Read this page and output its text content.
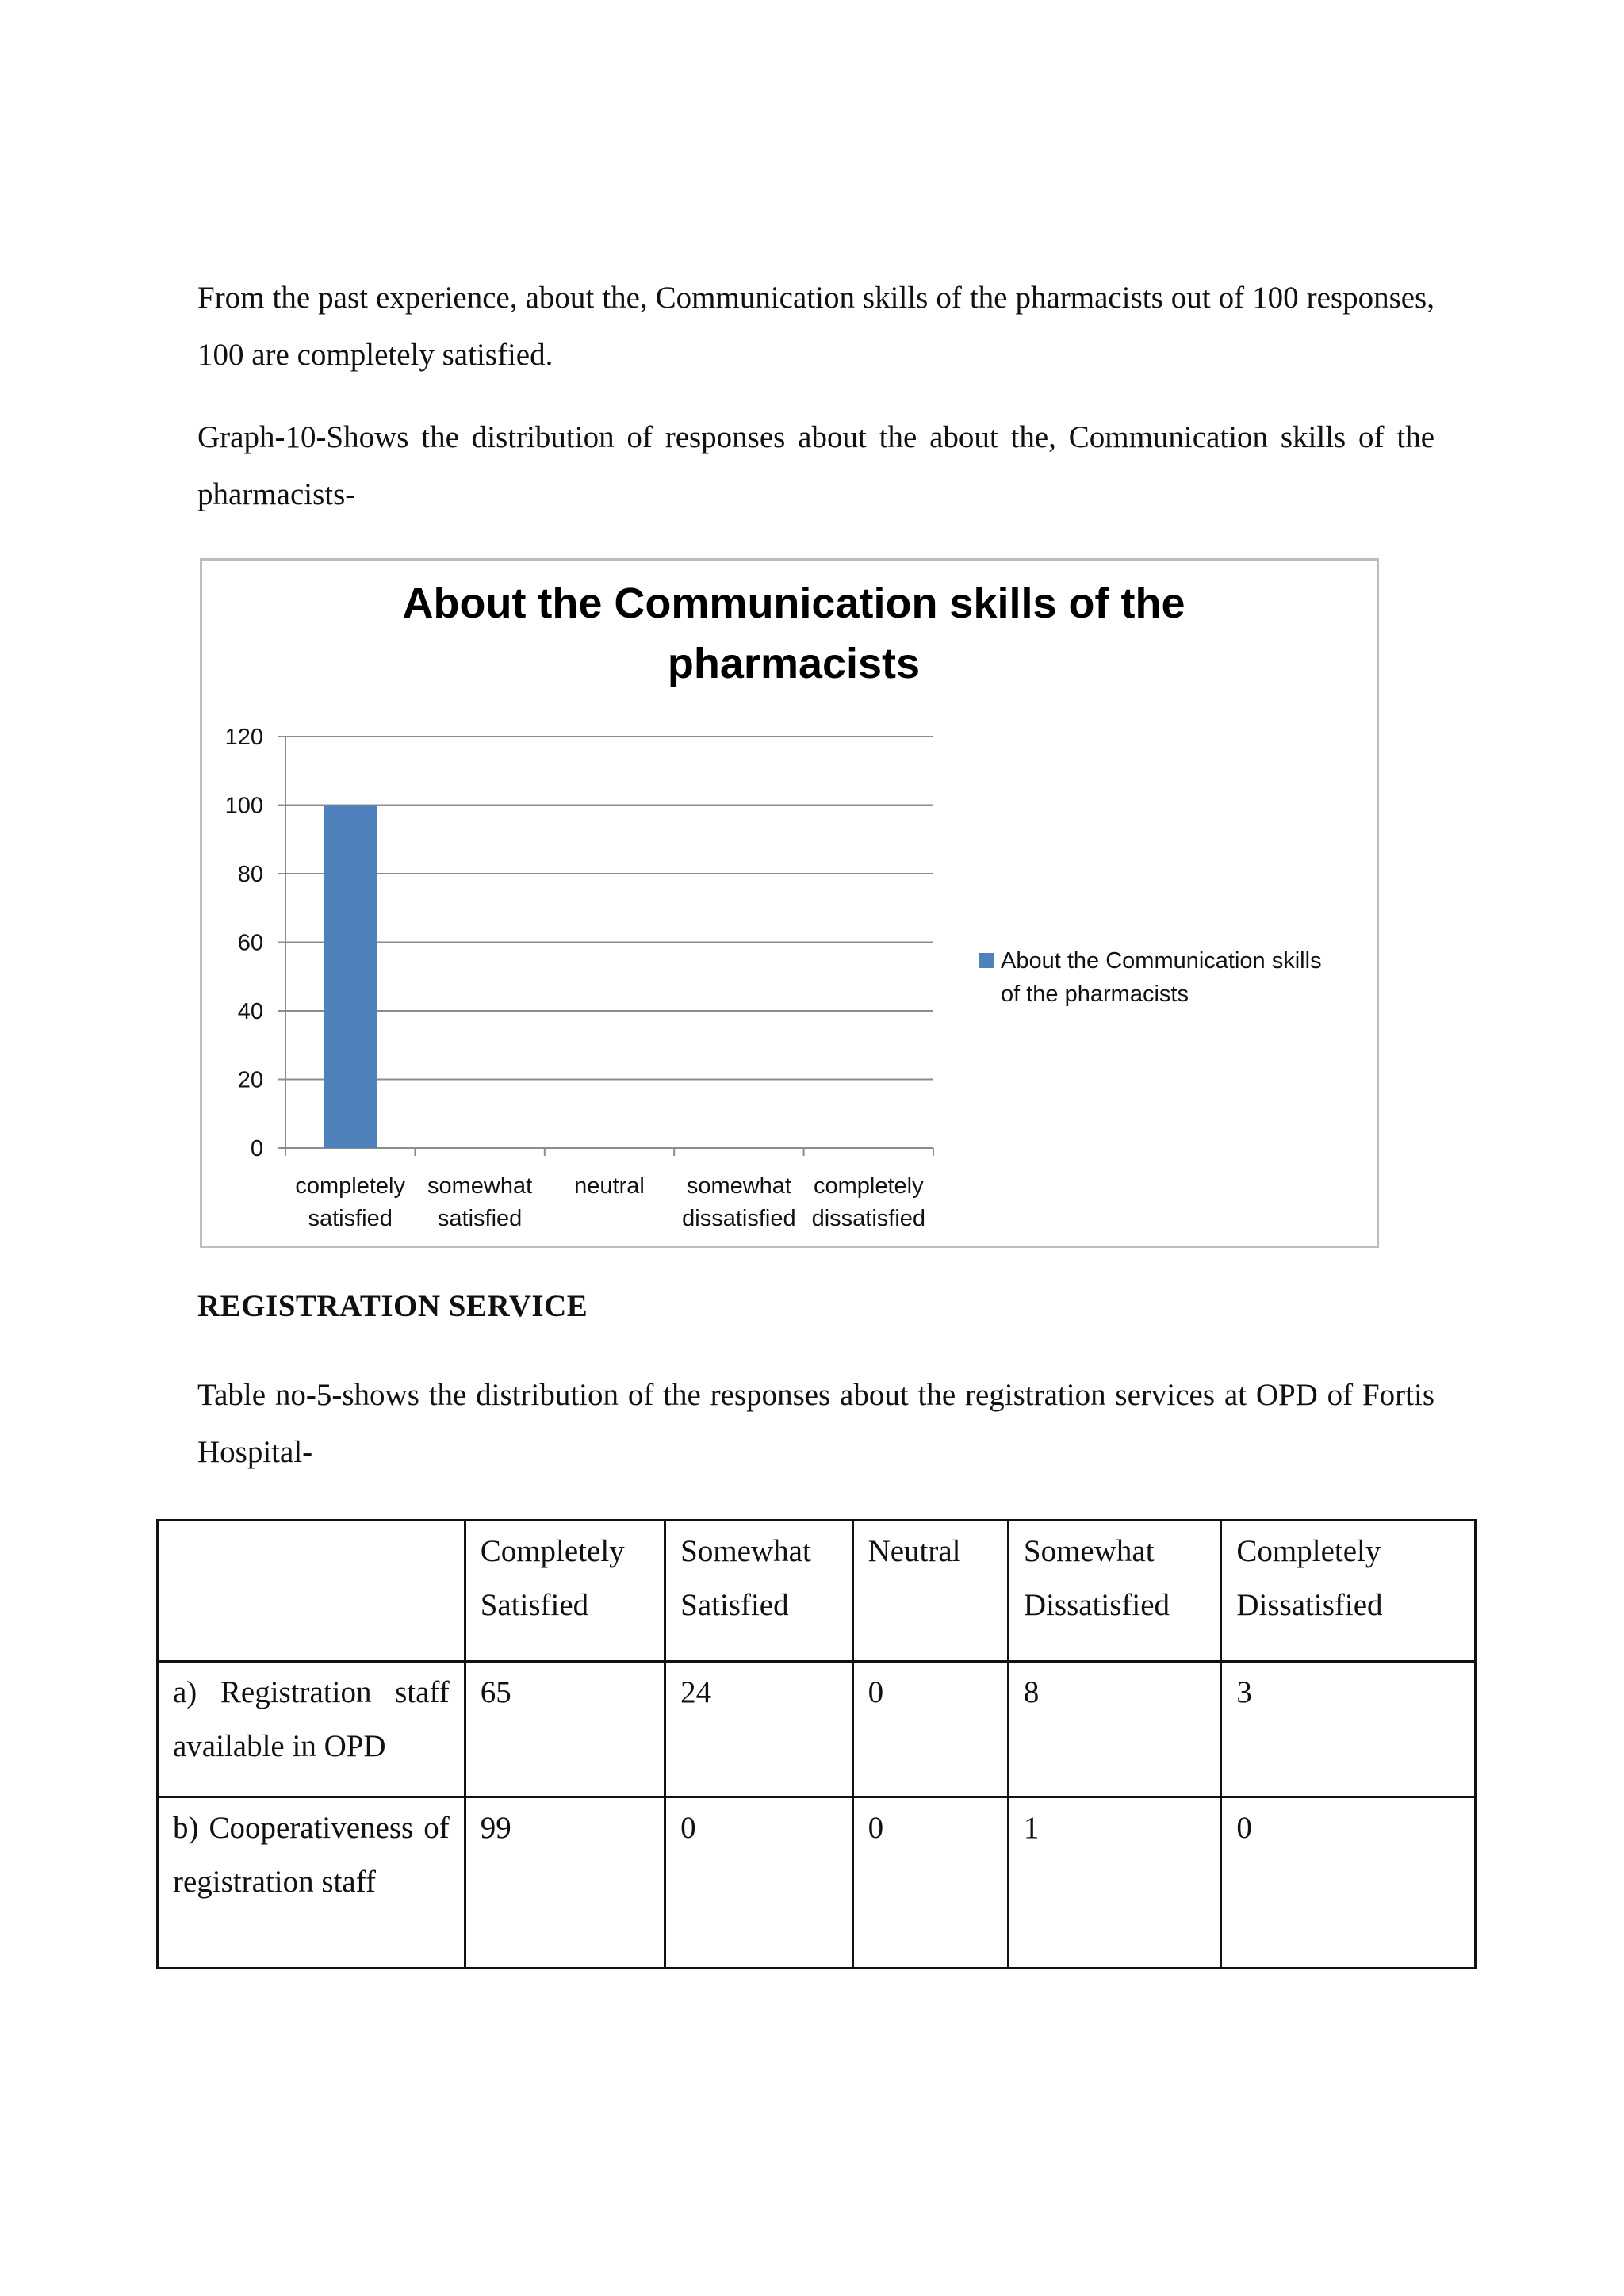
From the past experience, about the, Communication skills of the pharmacists out of 100 responses, 100 are completely satisfied.

Graph-10-Shows the distribution of responses about the about the, Communication skills of the pharmacists-

About the Communication skills of the
pharmacists
0
20
40
60
80
100
120
completely
satisfied
somewhat
satisfied
neutral somewhat
dissatisfied
completely
dissatisfied
About the Communication skills
of the pharmacists
REGISTRATION SERVICE

Table no-5-shows the distribution of the responses about the registration services at OPD of Fortis Hospital-

	Completely Satisfied	Somewhat Satisfied	Neutral	Somewhat Dissatisfied	Completely Dissatisfied
a) Registration staff available in OPD	65	24	0	8	3
b) Cooperativeness of registration staff	99	0	0	1	0
